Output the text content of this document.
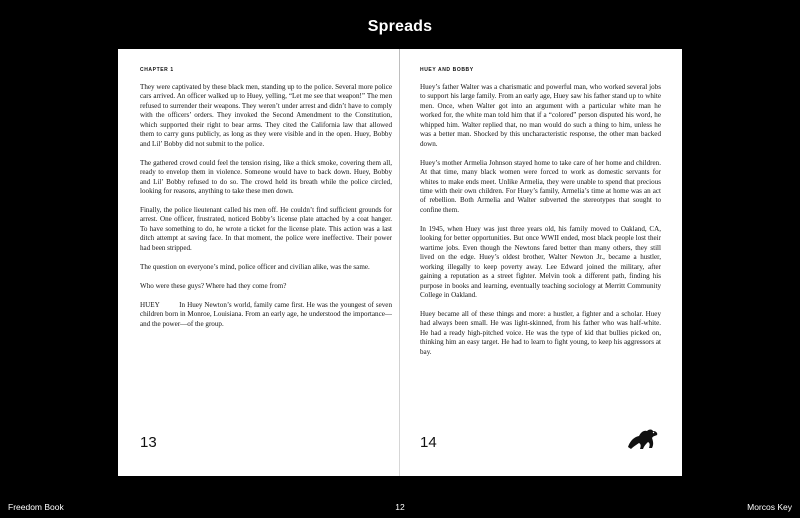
Spreads
CHAPTER 1

They were captivated by these black men, standing up to the police. Several more police cars arrived. An officer walked up to Huey, yelling, “Let me see that weapon!” The men refused to surrender their weapons. They weren’t under arrest and didn’t have to comply with the officers’ orders. They invoked the Second Amendment to the Constitution, which supported their right to bear arms. They cited the California law that allowed them to carry guns publicly, as long as they were visible and in the open. Huey, Bobby and Lil’ Bobby did not submit to the police.

The gathered crowd could feel the tension rising, like a thick smoke, covering them all, ready to envelop them in violence. Someone would have to back down. Huey, Bobby and Lil’ Bobby refused to do so. The crowd held its breath while the police circled, looking for reasons, anything to take these men down.

Finally, the police lieutenant called his men off. He couldn’t find sufficient grounds for arrest. One officer, frustrated, noticed Bobby’s license plate attached by a coat hanger. To have something to do, he wrote a ticket for the license plate. This action was a last ditch attempt at saving face. In that moment, the police were ineffective. Their power had been stripped.

The question on everyone’s mind, police officer and civilian alike, was the same.

Who were these guys? Where had they come from?

HUEY          In Huey Newton’s world, family came first. He was the youngest of seven children born in Monroe, Louisiana. From an early age, he understood the importance—and the power—of the group.

13
HUEY AND BOBBY

Huey’s father Walter was a charismatic and powerful man, who worked several jobs to support his large family. From an early age, Huey saw his father stand up to white men. Once, when Walter got into an argument with a particular white man he worked for, the white man told him that if a “colored” person disputed his word, he whipped him. Walter replied that, no man would do such a thing to him, unless he was a better man. Shocked by this uncharacteristic response, the other man backed down.

Huey’s mother Armelia Johnson stayed home to take care of her home and children. At that time, many black women were forced to work as domestic servants for whites to make ends meet. Unlike Armelia, they were unable to spend that precious time with their own children. For Huey’s family, Armelia’s time at home was an act of rebellion. Both Armelia and Walter subverted the stereotypes that sought to confine them.

In 1945, when Huey was just three years old, his family moved to Oakland, CA, looking for better opportunities. But once WWII ended, most black people lost their wartime jobs. Even though the Newtons fared better than many others, they still lived on the edge. Huey’s oldest brother, Walter Newton Jr., became a hustler, working illegally to keep poverty away. Lee Edward joined the military, after gaining a reputation as a street fighter. Melvin took a different path, finding his purpose in books and learning, eventually teaching sociology at Merritt Community College in Oakland.

Huey became all of these things and more: a hustler, a fighter and a scholar. Huey had always been small. He was light-skinned, from his father who was half-white. He had a ready high-pitched voice. He was the type of kid that bullies picked on, thinking him an easy target. He had to learn to fight young, to keep his aggressors at bay.

14
Freedom Book	12	Morcos Key
